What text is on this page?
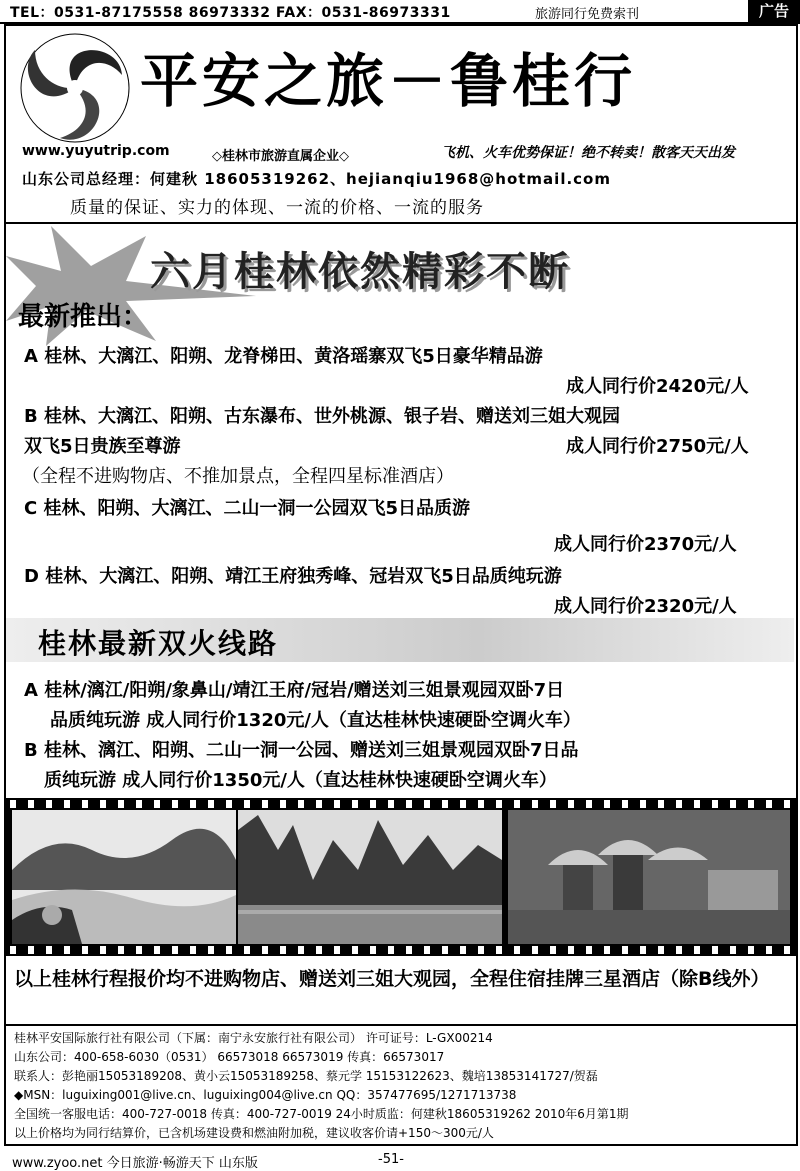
TEL：0531-87175558 86973332 FAX：0531-86973331	旅游同行免费索刊	广告
平安之旅－鲁桂行
www.yuyutrip.com	◇桂林市旅游直属企业◇	飞机、火车优势保证！绝不转卖！散客天天出发
山东公司总经理：何建秋 18605319262、hejianqiu1968@hotmail.com
质量的保证、实力的体现、一流的价格、一流的服务
六月桂林依然精彩不断
最新推出：
A 桂林、大漓江、阳朔、龙脊梯田、黄洛瑶寨双飞5日豪华精品游
成人同行价2420元/人
B 桂林、大漓江、阳朔、古东瀑布、世外桃源、银子岩、赠送刘三姐大观园
双飞5日贵族至尊游	成人同行价2750元/人
（全程不进购物店、不推加景点，全程四星标准酒店）
C 桂林、阳朔、大漓江、二山一洞一公园双飞5日品质游
成人同行价2370元/人
D 桂林、大漓江、阳朔、靖江王府独秀峰、冠岩双飞5日品质纯玩游
成人同行价2320元/人
桂林最新双火线路
A 桂林/漓江/阳朔/象鼻山/靖江王府/冠岩/赠送刘三姐景观园双卧7日
品质纯玩游 成人同行价1320元/人（直达桂林快速硬卧空调火车）
B 桂林、漓江、阳朔、二山一洞一公园、赠送刘三姐景观园双卧7日品
质纯玩游 成人同行价1350元/人（直达桂林快速硬卧空调火车）
以上桂林行程报价均不进购物店、赠送刘三姐大观园，全程住宿挂牌三星酒店（除B线外）
桂林平安国际旅行社有限公司（下属：南宁永安旅行社有限公司） 许可证号：L-GX00214
山东公司：400-658-6030（0531） 66573018 66573019 传真：66573017
联系人：彭艳丽15053189208、黄小云15053189258、蔡元学 15153122623、魏培13853141727/贺磊
◆MSN：luguixing001@live.cn、luguixing004@live.cn QQ：357477695/1271713738
全国统一客服电话：400-727-0018 传真：400-727-0019 24小时质监：何建秋18605319262 2010年6月第1期
以上价格均为同行结算价，已含机场建设费和燃油附加税，建议收客价请+150～300元/人
www.zyoo.net 今日旅游·畅游天下 山东版	-51-
